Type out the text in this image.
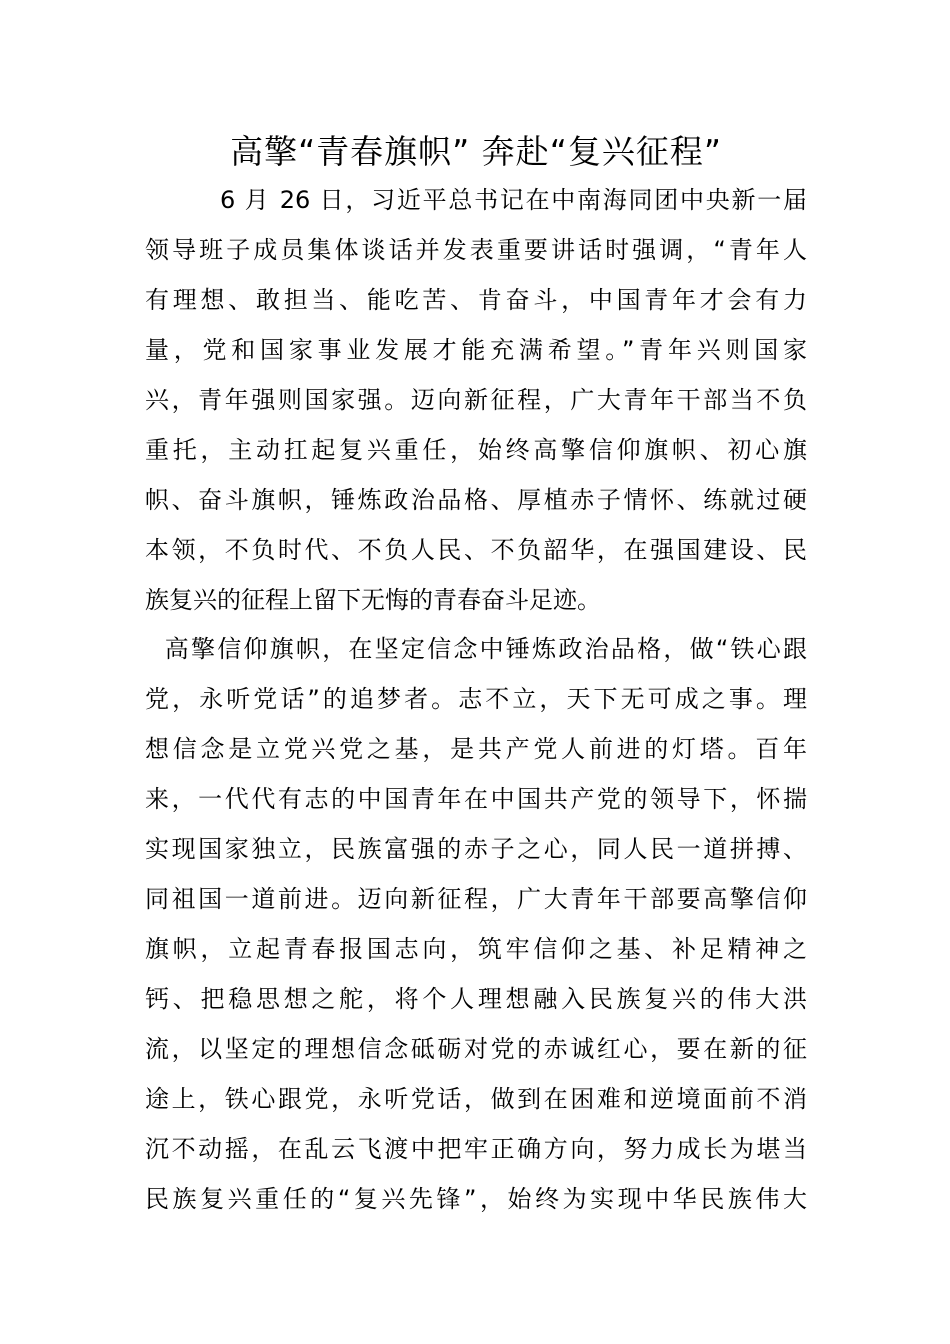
高擎“青春旗帜” 奔赴“复兴征程”
6 月 26 日，习近平总书记在中南海同团中央新一届
领导班子成员集体谈话并发表重要讲话时强调，“青年人
有理想、敢担当、能吃苦、肯奋斗，中国青年才会有力
量，党和国家事业发展才能充满希望。”青年兴则国家
兴，青年强则国家强。迈向新征程，广大青年干部当不负
重托，主动扛起复兴重任，始终高擎信仰旗帜、初心旗
帜、奋斗旗帜，锤炼政治品格、厚植赤子情怀、练就过硬
本领，不负时代、不负人民、不负韶华，在强国建设、民
族复兴的征程上留下无悔的青春奋斗足迹。
高擎信仰旗帜，在坚定信念中锤炼政治品格，做“铁心跟
党，永听党话”的追梦者。志不立，天下无可成之事。理
想信念是立党兴党之基，是共产党人前进的灯塔。百年
来，一代代有志的中国青年在中国共产党的领导下，怀揣
实现国家独立，民族富强的赤子之心，同人民一道拼搏、
同祖国一道前进。迈向新征程，广大青年干部要高擎信仰
旗帜，立起青春报国志向，筑牢信仰之基、补足精神之
钙、把稳思想之舵，将个人理想融入民族复兴的伟大洪
流，以坚定的理想信念砥砺对党的赤诚红心，要在新的征
途上，铁心跟党，永听党话，做到在困难和逆境面前不消
沉不动摇，在乱云飞渡中把牢正确方向，努力成长为堪当
民族复兴重任的“复兴先锋”，始终为实现中华民族伟大
